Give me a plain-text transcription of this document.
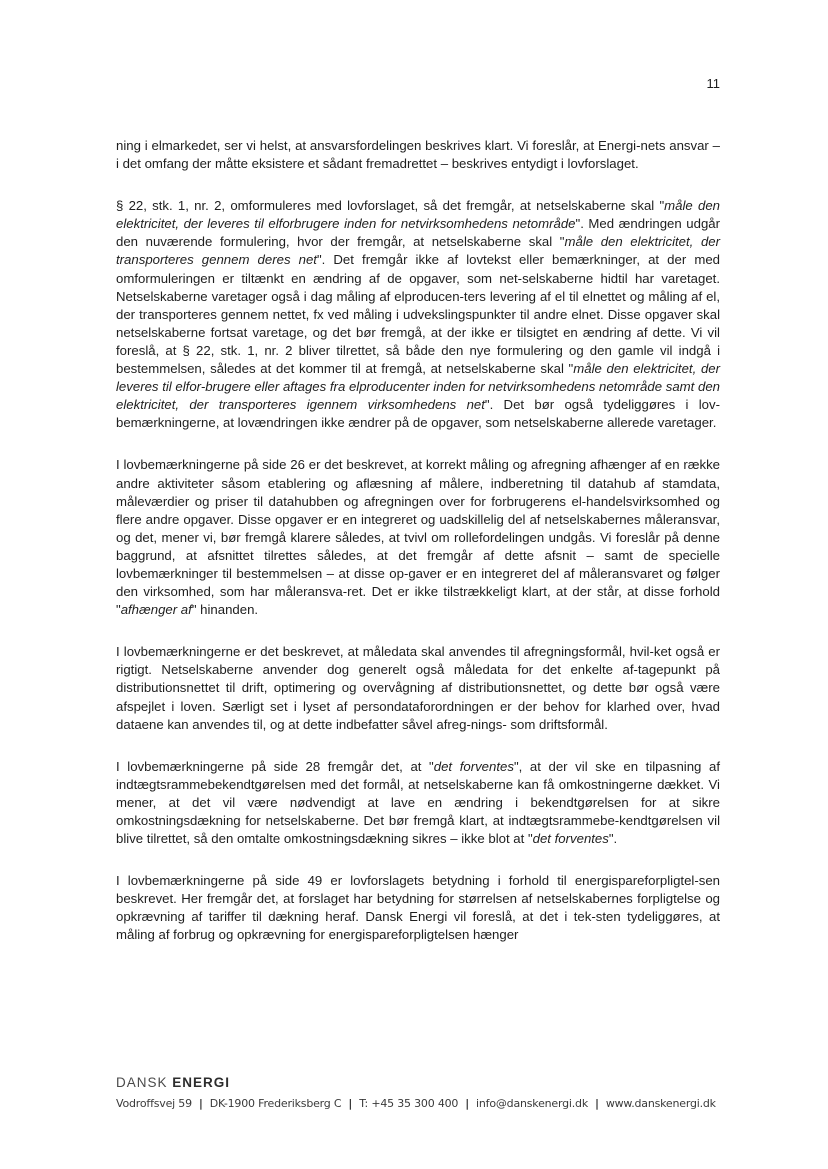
11

ning i elmarkedet, ser vi helst, at ansvarsfordelingen beskrives klart. Vi foreslår, at Energi-nets ansvar – i det omfang der måtte eksistere et sådant fremadrettet – beskrives entydigt i lovforslaget.

§ 22, stk. 1, nr. 2, omformuleres med lovforslaget, så det fremgår, at netselskaberne skal "måle den elektricitet, der leveres til elforbrugere inden for netvirksomhedens netområde". Med ændringen udgår den nuværende formulering, hvor der fremgår, at netselskaberne skal "måle den elektricitet, der transporteres gennem deres net". Det fremgår ikke af lovtekst eller bemærkninger, at der med omformuleringen er tiltænkt en ændring af de opgaver, som net-selskaberne hidtil har varetaget. Netselskaberne varetager også i dag måling af elproducen-ters levering af el til elnettet og måling af el, der transporteres gennem nettet, fx ved måling i udvekslingspunkter til andre elnet. Disse opgaver skal netselskaberne fortsat varetage, og det bør fremgå, at der ikke er tilsigtet en ændring af dette. Vi vil foreslå, at § 22, stk. 1, nr. 2 bliver tilrettet, så både den nye formulering og den gamle vil indgå i bestemmelsen, således at det kommer til at fremgå, at netselskaberne skal "måle den elektricitet, der leveres til elfor-brugere eller aftages fra elproducenter inden for netvirksomhedens netområde samt den elektricitet, der transporteres igennem virksomhedens net". Det bør også tydeliggøres i lov-bemærkningerne, at lovændringen ikke ændrer på de opgaver, som netselskaberne allerede varetager.

I lovbemærkningerne på side 26 er det beskrevet, at korrekt måling og afregning afhænger af en række andre aktiviteter såsom etablering og aflæsning af målere, indberetning til datahub af stamdata, måleværdier og priser til datahubben og afregningen over for forbrugerens el-handelsvirksomhed og flere andre opgaver. Disse opgaver er en integreret og uadskillelig del af netselskabernes måleransvar, og det, mener vi, bør fremgå klarere således, at tvivl om rollefordelingen undgås. Vi foreslår på denne baggrund, at afsnittet tilrettes således, at det fremgår af dette afsnit – samt de specielle lovbemærkninger til bestemmelsen – at disse op-gaver er en integreret del af måleransvaret og følger den virksomhed, som har måleransva-ret. Det er ikke tilstrækkeligt klart, at der står, at disse forhold "afhænger af" hinanden.

I lovbemærkningerne er det beskrevet, at måledata skal anvendes til afregningsformål, hvil-ket også er rigtigt. Netselskaberne anvender dog generelt også måledata for det enkelte af-tagepunkt på distributionsnettet til drift, optimering og overvågning af distributionsnettet, og dette bør også være afspejlet i loven. Særligt set i lyset af persondataforordningen er der behov for klarhed over, hvad dataene kan anvendes til, og at dette indbefatter såvel afreg-nings- som driftsformål.

I lovbemærkningerne på side 28 fremgår det, at "det forventes", at der vil ske en tilpasning af indtægtsrammebekendtgørelsen med det formål, at netselskaberne kan få omkostningerne dækket. Vi mener, at det vil være nødvendigt at lave en ændring i bekendtgørelsen for at sikre omkostningsdækning for netselskaberne. Det bør fremgå klart, at indtægtsrammebe-kendtgørelsen vil blive tilrettet, så den omtalte omkostningsdækning sikres – ikke blot at "det forventes".

I lovbemærkningerne på side 49 er lovforslagets betydning i forhold til energispareforpligtel-sen beskrevet. Her fremgår det, at forslaget har betydning for størrelsen af netselskabernes forpligtelse og opkrævning af tariffer til dækning heraf. Dansk Energi vil foreslå, at det i tek-sten tydeliggøres, at måling af forbrug og opkrævning for energispareforpligtelsen hænger

DANSK ENERGI
Vodroffsvej 59 | DK-1900 Frederiksberg C | T: +45 35 300 400 | info@danskenergi.dk | www.danskenergi.dk
